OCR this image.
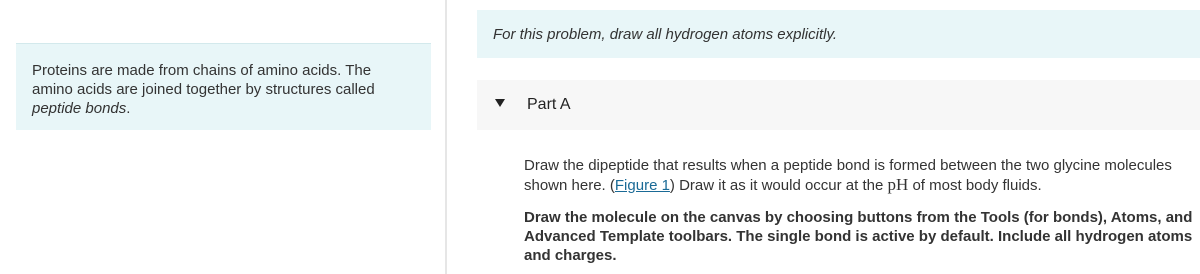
Proteins are made from chains of amino acids. The amino acids are joined together by structures called peptide bonds.
For this problem, draw all hydrogen atoms explicitly.
Part A

Draw the dipeptide that results when a peptide bond is formed between the two glycine molecules shown here. (Figure 1) Draw it as it would occur at the pH of most body fluids.

Draw the molecule on the canvas by choosing buttons from the Tools (for bonds), Atoms, and Advanced Template toolbars. The single bond is active by default. Include all hydrogen atoms and charges.
